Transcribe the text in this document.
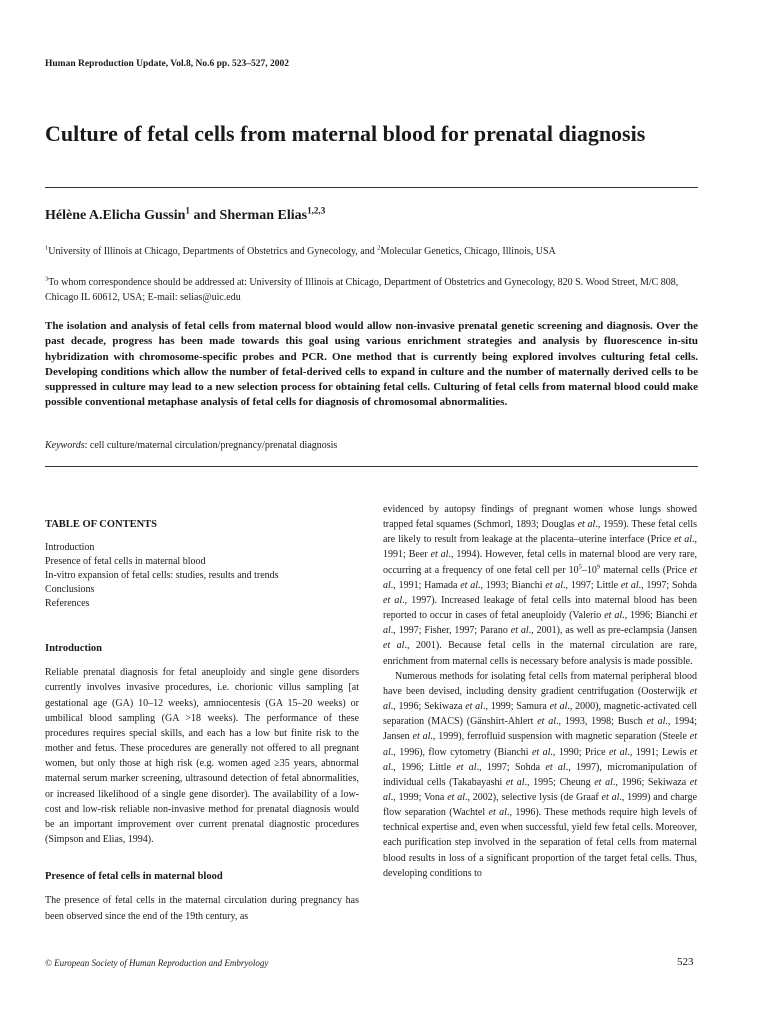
Human Reproduction Update, Vol.8, No.6 pp. 523–527, 2002
Culture of fetal cells from maternal blood for prenatal diagnosis
Hélène A.Elicha Gussin$^1$ and Sherman Elias$^{1,2,3}$
$^1$University of Illinois at Chicago, Departments of Obstetrics and Gynecology, and $^2$Molecular Genetics, Chicago, Illinois, USA
$^3$To whom correspondence should be addressed at: University of Illinois at Chicago, Department of Obstetrics and Gynecology, 820 S. Wood Street, M/C 808, Chicago IL 60612, USA; E-mail: selias@uic.edu

The isolation and analysis of fetal cells from maternal blood would allow non-invasive prenatal genetic screening and diagnosis. Over the past decade, progress has been made towards this goal using various enrichment strategies and analysis by fluorescence in-situ hybridization with chromosome-specific probes and PCR. One method that is currently being explored involves culturing fetal cells. Developing conditions which allow the number of fetal-derived cells to expand in culture and the number of maternally derived cells to be suppressed in culture may lead to a new selection process for obtaining fetal cells. Culturing of fetal cells from maternal blood could make possible conventional metaphase analysis of fetal cells for diagnosis of chromosomal abnormalities.

Keywords: cell culture/maternal circulation/pregnancy/prenatal diagnosis
TABLE OF CONTENTS
Introduction
Presence of fetal cells in maternal blood
In-vitro expansion of fetal cells: studies, results and trends
Conclusions
References
Introduction

Reliable prenatal diagnosis for fetal aneuploidy and single gene disorders currently involves invasive procedures, i.e. chorionic villus sampling [at gestational age (GA) 10–12 weeks), amniocentesis (GA 15–20 weeks) or umbilical blood sampling (GA >18 weeks). The performance of these procedures requires special skills, and each has a low but finite risk to the mother and fetus. These procedures are generally not offered to all pregnant women, but only those at high risk (e.g. women aged ≥35 years, abnormal maternal serum marker screening, ultrasound detection of fetal abnormalities, or increased likelihood of a single gene disorder). The availability of a low-cost and low-risk reliable non-invasive method for prenatal diagnosis would be an important improvement over current prenatal diagnostic procedures (Simpson and Elias, 1994).

Presence of fetal cells in maternal blood

The presence of fetal cells in the maternal circulation during pregnancy has been observed since the end of the 19th century, as

evidenced by autopsy findings of pregnant women whose lungs showed trapped fetal squames (Schmorl, 1893; Douglas et al., 1959). These fetal cells are likely to result from leakage at the placenta–uterine interface (Price et al., 1991; Beer et al., 1994). However, fetal cells in maternal blood are very rare, occurring at a frequency of one fetal cell per $10^5-10^9$ maternal cells (Price et al., 1991; Hamada et al., 1993; Bianchi et al., 1997; Little et al., 1997; Sohda et al., 1997). Increased leakage of fetal cells into maternal blood has been reported to occur in cases of fetal aneuploidy (Valerio et al., 1996; Bianchi et al., 1997; Fisher, 1997; Parano et al., 2001), as well as pre-eclampsia (Jansen et al., 2001). Because fetal cells in the maternal circulation are rare, enrichment from maternal cells is necessary before analysis is made possible.

Numerous methods for isolating fetal cells from maternal peripheral blood have been devised, including density gradient centrifugation (Oosterwijk et al., 1996; Sekiwaza et al., 1999; Samura et al., 2000), magnetic-activated cell separation (MACS) (Gänshirt-Ahlert et al., 1993, 1998; Busch et al., 1994; Jansen et al., 1999), ferrofluid suspension with magnetic separation (Steele et al., 1996), flow cytometry (Bianchi et al., 1990; Price et al., 1991; Lewis et al., 1996; Little et al., 1997; Sohda et al., 1997), micromanipulation of individual cells (Takabayashi et al., 1995; Cheung et al., 1996; Sekiwaza et al., 1999; Vona et al., 2002), selective lysis (de Graaf et al., 1999) and charge flow separation (Wachtel et al., 1996). These methods require high levels of technical expertise and, even when successful, yield few fetal cells. Moreover, each purification step involved in the separation of fetal cells from maternal blood results in loss of a significant proportion of the target fetal cells. Thus, developing conditions to

© European Society of Human Reproduction and Embryology	523
